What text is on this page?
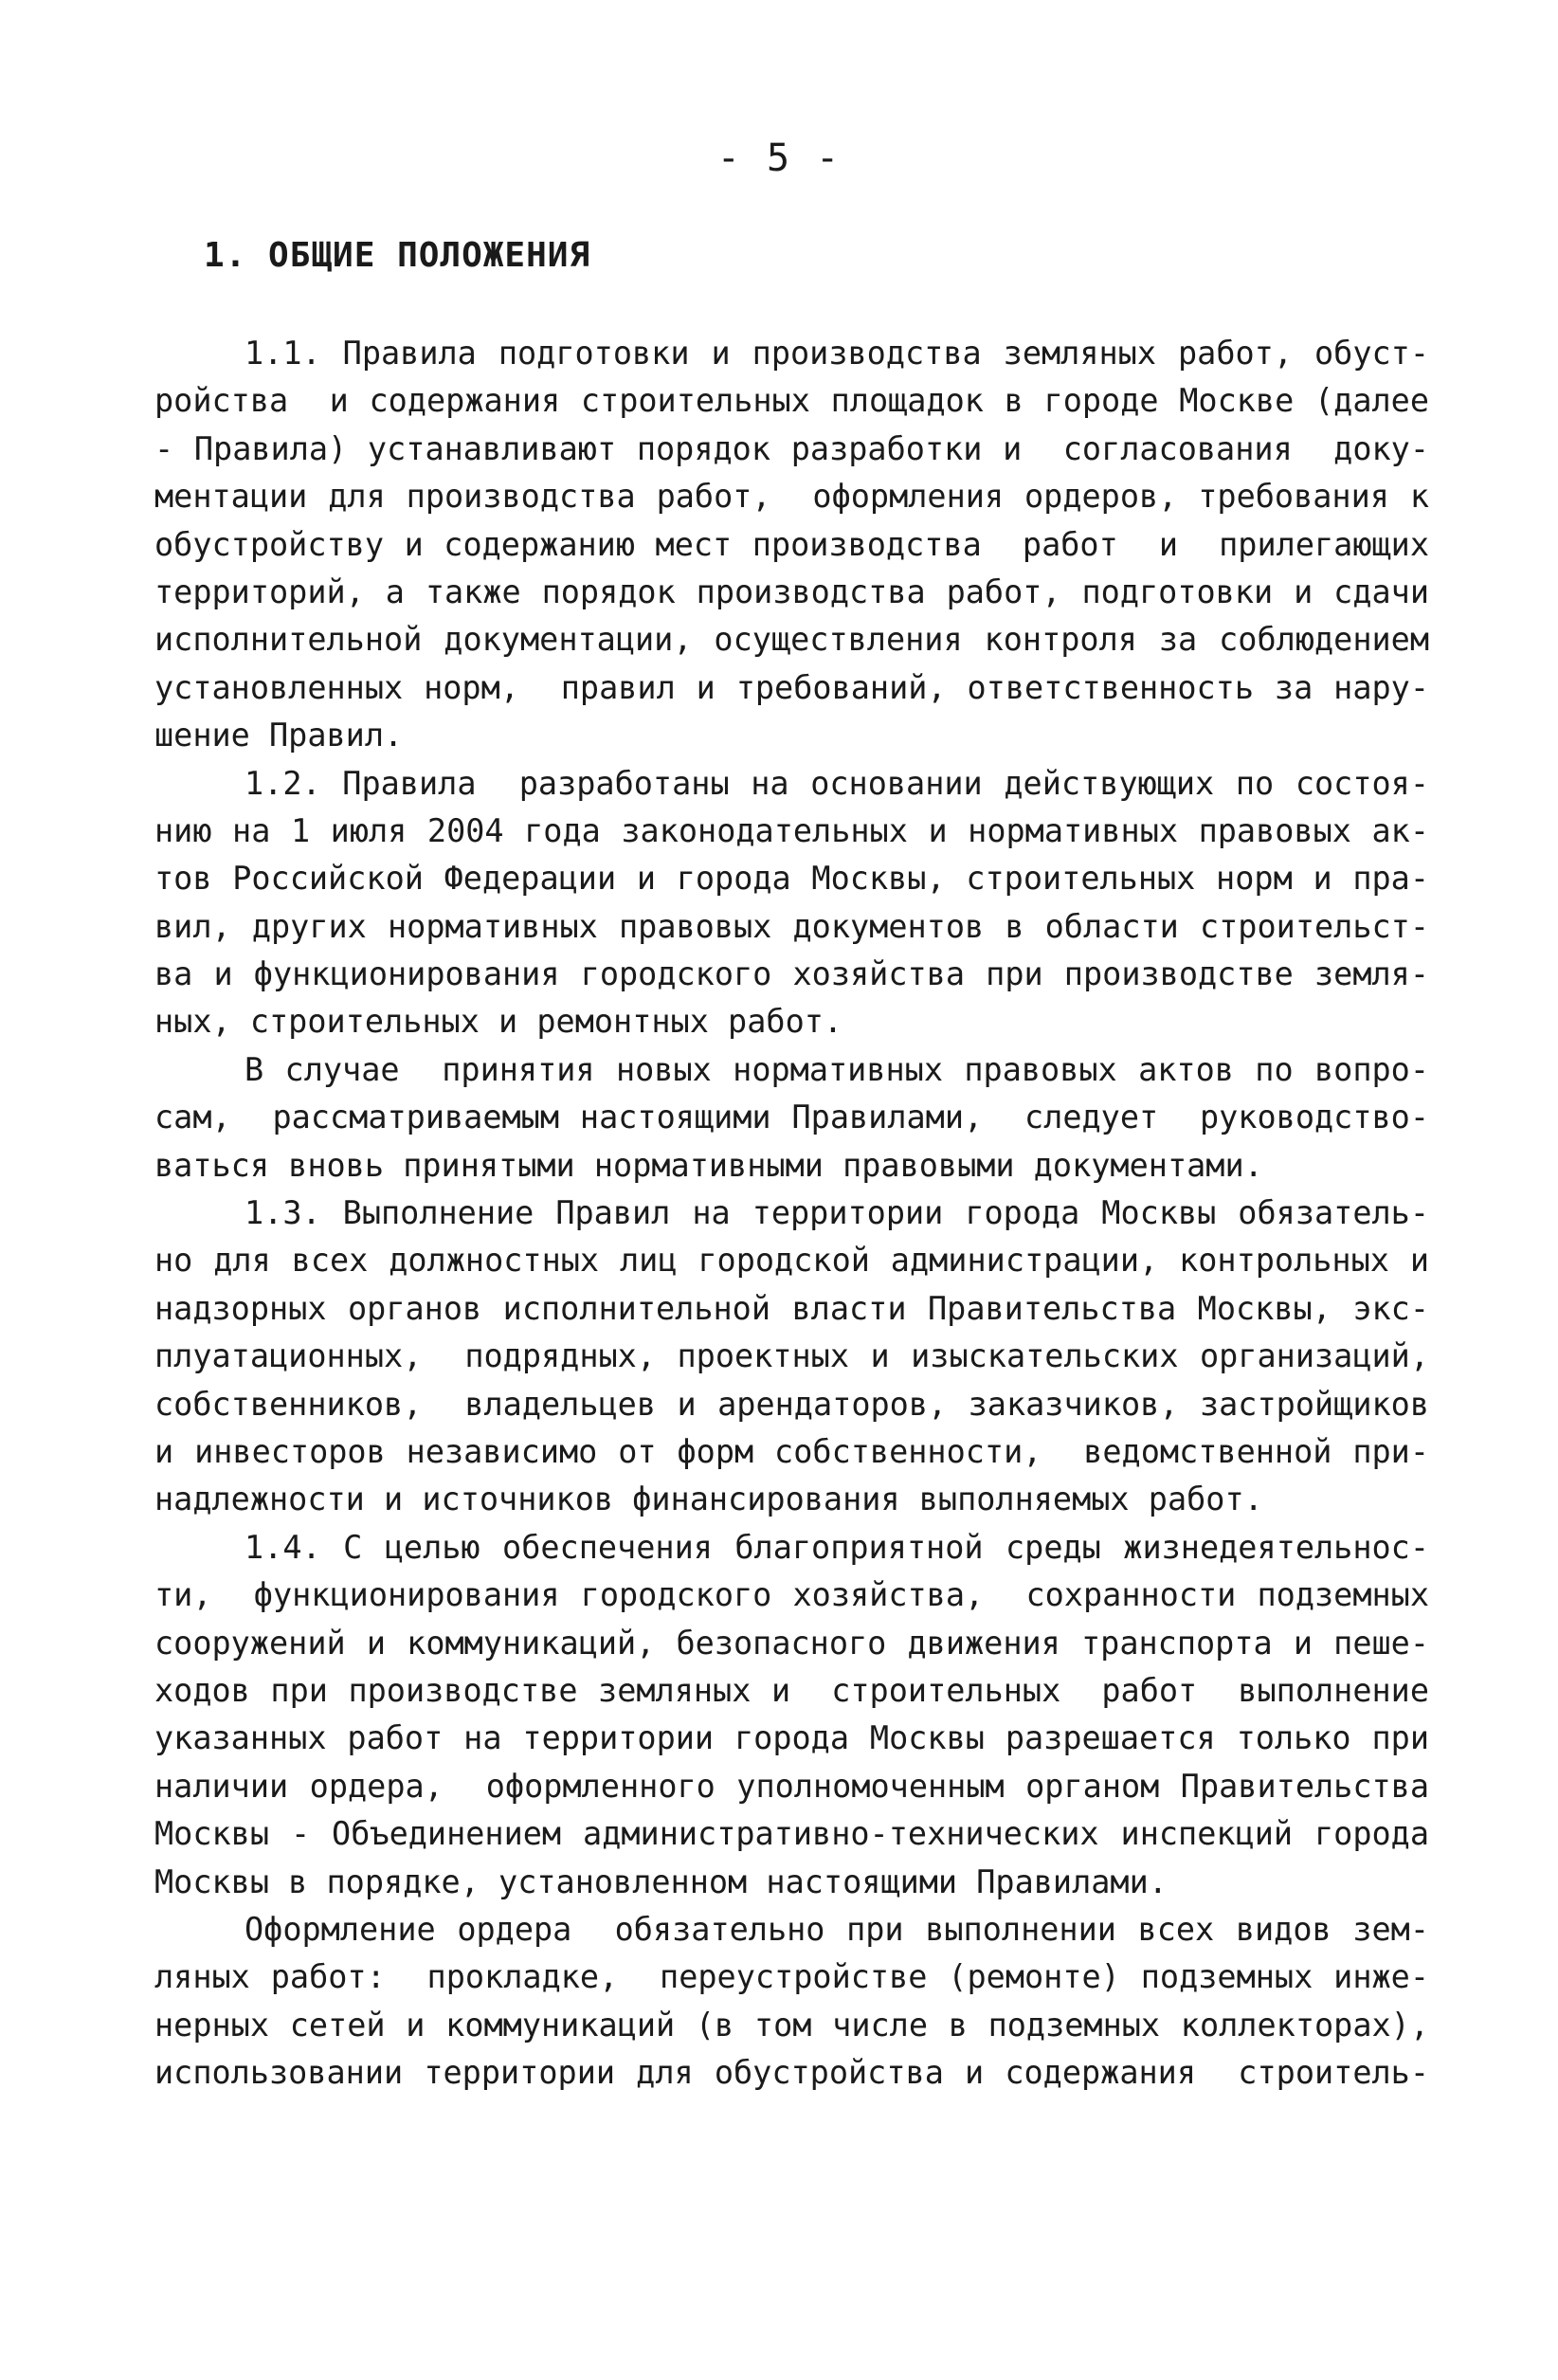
- 5 -
1. ОБЩИЕ ПОЛОЖЕНИЯ
1.1. Правила подготовки и производства земляных работ, обуст-
ройства  и содержания строительных площадок в городе Москве (далее
- Правила) устанавливают порядок разработки и  согласования  доку-
ментации для производства работ,  оформления ордеров, требования к
обустройству и содержанию мест производства  работ  и  прилегающих
территорий, а также порядок производства работ, подготовки и сдачи
исполнительной документации, осуществления контроля за соблюдением
установленных норм,  правил и требований, ответственность за нару-
шение Правил.
1.2. Правила  разработаны на основании действующих по состоя-
нию на 1 июля 2004 года законодательных и нормативных правовых ак-
тов Российской Федерации и города Москвы, строительных норм и пра-
вил, других нормативных правовых документов в области строительст-
ва и функционирования городского хозяйства при производстве земля-
ных, строительных и ремонтных работ.
В случае  принятия новых нормативных правовых актов по вопро-
сам,  рассматриваемым настоящими Правилами,  следует  руководство-
ваться вновь принятыми нормативными правовыми документами.
1.3. Выполнение Правил на территории города Москвы обязатель-
но для всех должностных лиц городской администрации, контрольных и
надзорных органов исполнительной власти Правительства Москвы, экс-
плуатационных,  подрядных, проектных и изыскательских организаций,
собственников,  владельцев и арендаторов, заказчиков, застройщиков
и инвесторов независимо от форм собственности,  ведомственной при-
надлежности и источников финансирования выполняемых работ.
1.4. С целью обеспечения благоприятной среды жизнедеятельнос-
ти,  функционирования городского хозяйства,  сохранности подземных
сооружений и коммуникаций, безопасного движения транспорта и пеше-
ходов при производстве земляных и  строительных  работ  выполнение
указанных работ на территории города Москвы разрешается только при
наличии ордера,  оформленного уполномоченным органом Правительства
Москвы - Объединением административно-технических инспекций города
Москвы в порядке, установленном настоящими Правилами.
Оформление ордера  обязательно при выполнении всех видов зем-
ляных работ:  прокладке,  переустройстве (ремонте) подземных инже-
нерных сетей и коммуникаций (в том числе в подземных коллекторах),
использовании территории для обустройства и содержания  строитель-
